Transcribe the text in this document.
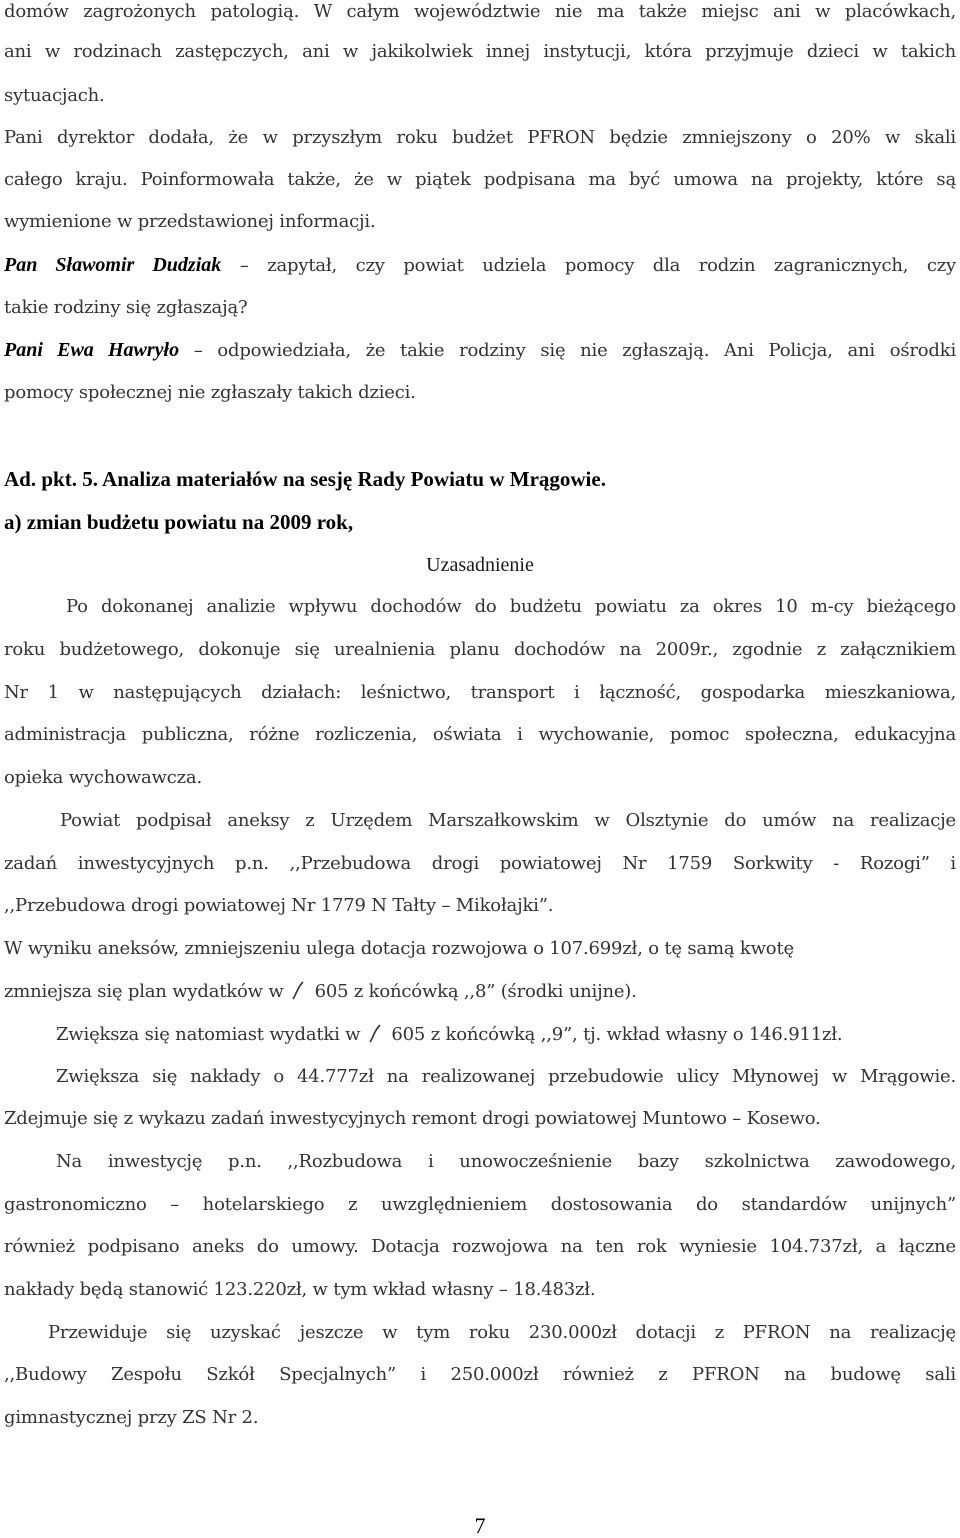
domów zagrożonych patologią. W całym województwie nie ma także miejsc ani w placówkach,
ani w rodzinach zastępczych, ani w jakikolwiek innej instytucji, która przyjmuje dzieci w takich
sytuacjach.
Pani dyrektor dodała, że w przyszłym roku budżet PFRON będzie zmniejszony o 20% w skali
całego kraju. Poinformowała także, że w piątek podpisana ma być umowa na projekty, które są
wymienione w przedstawionej informacji.
Pan Sławomir Dudziak – zapytał, czy powiat udziela pomocy dla rodzin zagranicznych, czy
takie rodziny się zgłaszają?
Pani Ewa Hawryło – odpowiedziała, że takie rodziny się nie zgłaszają. Ani Policja, ani ośrodki
pomocy społecznej nie zgłaszały takich dzieci.
Ad. pkt. 5. Analiza materiałów na sesję Rady Powiatu w Mrągowie.
a) zmian budżetu powiatu na 2009 rok,
Uzasadnienie
Po dokonanej analizie wpływu dochodów do budżetu powiatu za okres 10 m-cy bieżącego
roku budżetowego, dokonuje się urealnienia planu dochodów na 2009r., zgodnie z załącznikiem
Nr 1 w następujących działach: leśnictwo, transport i łączność, gospodarka mieszkaniowa,
administracja publiczna, różne rozliczenia, oświata i wychowanie, pomoc społeczna, edukacyjna
opieka wychowawcza.
Powiat podpisał aneksy z Urzędem Marszałkowskim w Olsztynie do umów na realizacje
zadań inwestycyjnych p.n. ,,Przebudowa drogi powiatowej Nr 1759 Sorkwity - Rozogi” i
,,Przebudowa drogi powiatowej Nr 1779 N Tałty – Mikołajki”.
W wyniku aneksów, zmniejszeniu ulega dotacja rozwojowa o 107.699zł, o tę samą kwotę
zmniejsza się plan wydatków w  605 z końcówką ,,8” (środki unijne).
Zwiększa się natomiast wydatki w  605 z końcówką ,,9”, tj. wkład własny o 146.911zł.
Zwiększa się nakłady o 44.777zł na realizowanej przebudowie ulicy Młynowej w Mrągowie.
Zdejmuje się z wykazu zadań inwestycyjnych remont drogi powiatowej Muntowo – Kosewo.
Na inwestycję p.n. ,,Rozbudowa i unowocześnienie bazy szkolnictwa zawodowego,
gastronomiczno – hotelarskiego z uwzględnieniem dostosowania do standardów unijnych”
również podpisano aneks do umowy. Dotacja rozwojowa na ten rok wyniesie 104.737zł, a łączne
nakłady będą stanowić 123.220zł, w tym wkład własny – 18.483zł.
Przewiduje się uzyskać jeszcze w tym roku 230.000zł dotacji z PFRON na realizację
,,Budowy Zespołu Szkół Specjalnych” i 250.000zł również z PFRON na budowę sali
gimnastycznej przy ZS Nr 2.
7
